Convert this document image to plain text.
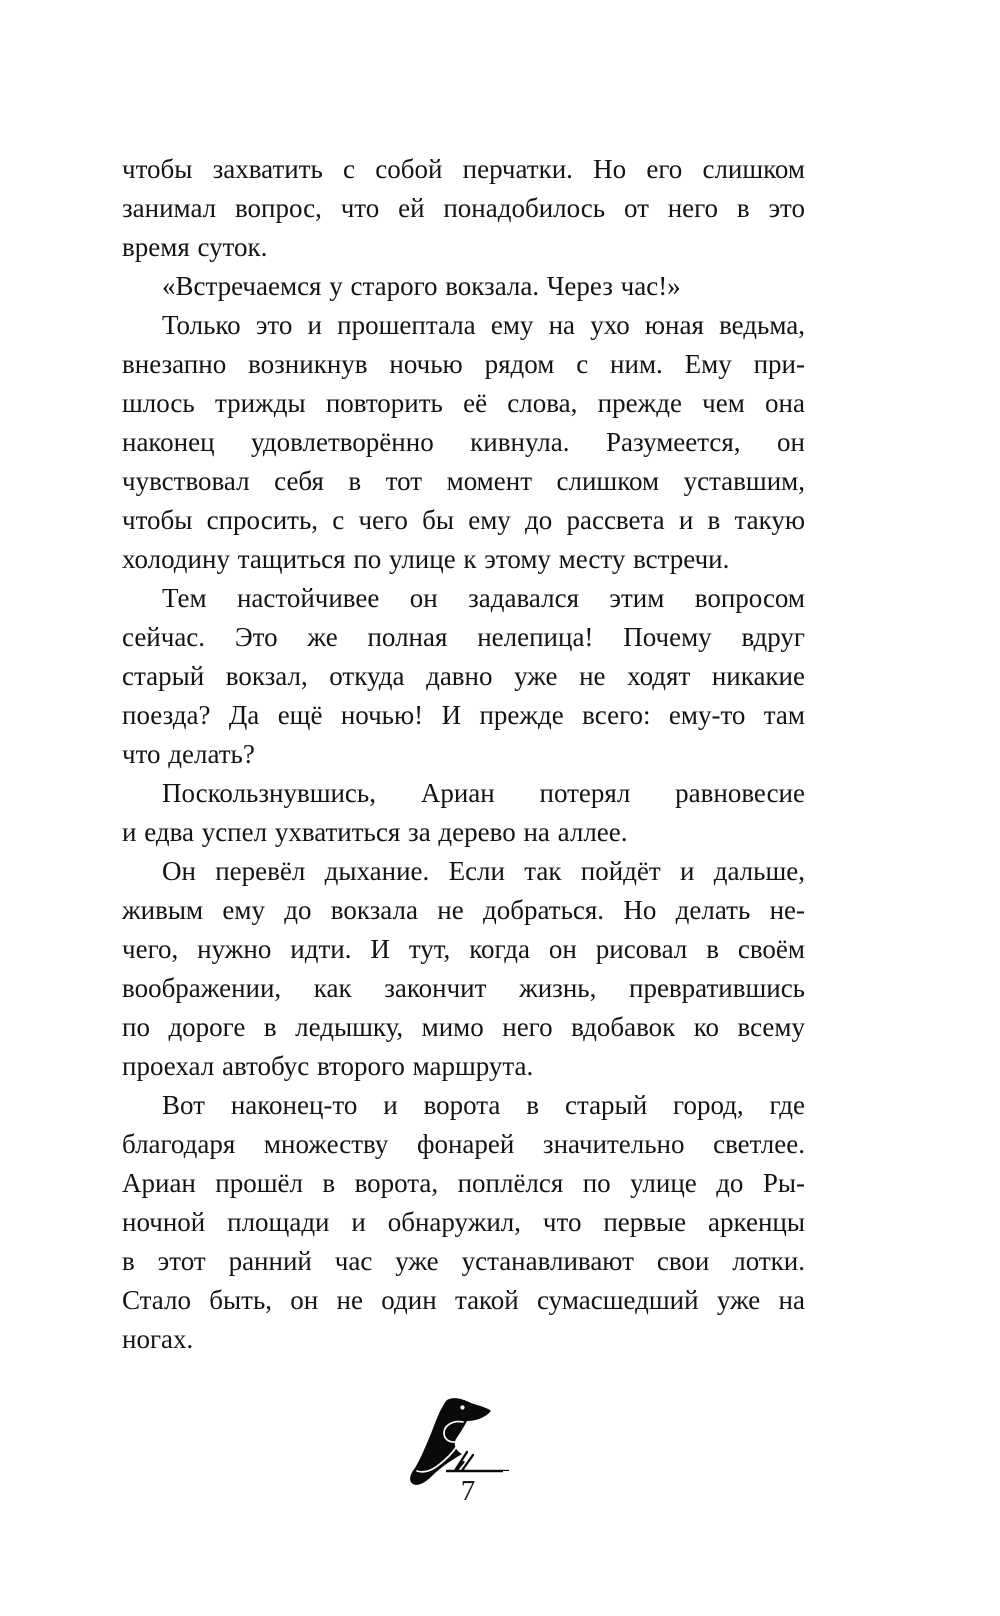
чтобы захватить с собой перчатки. Но его слишком
занимал вопрос, что ей понадобилось от него в это
время суток.
«Встречаемся у старого вокзала. Через час!»
Только это и прошептала ему на ухо юная ведьма,
внезапно возникнув ночью рядом с ним. Ему при-
шлось трижды повторить её слова, прежде чем она
наконец удовлетворённо кивнула. Разумеется, он
чувствовал себя в тот момент слишком уставшим,
чтобы спросить, с чего бы ему до рассвета и в такую
холодину тащиться по улице к этому месту встречи.
Тем настойчивее он задавался этим вопросом
сейчас. Это же полная нелепица! Почему вдруг
старый вокзал, откуда давно уже не ходят никакие
поезда? Да ещё ночью! И прежде всего: ему-то там
что делать?
Поскользнувшись, Ариан потерял равновесие
и едва успел ухватиться за дерево на аллее.
Он перевёл дыхание. Если так пойдёт и дальше,
живым ему до вокзала не добраться. Но делать не-
чего, нужно идти. И тут, когда он рисовал в своём
воображении, как закончит жизнь, превратившись
по дороге в ледышку, мимо него вдобавок ко всему
проехал автобус второго маршрута.
Вот наконец-то и ворота в старый город, где
благодаря множеству фонарей значительно светлее.
Ариан прошёл в ворота, поплёлся по улице до Ры-
ночной площади и обнаружил, что первые аркенцы
в этот ранний час уже устанавливают свои лотки.
Стало быть, он не один такой сумасшедший уже на
ногах.
7
